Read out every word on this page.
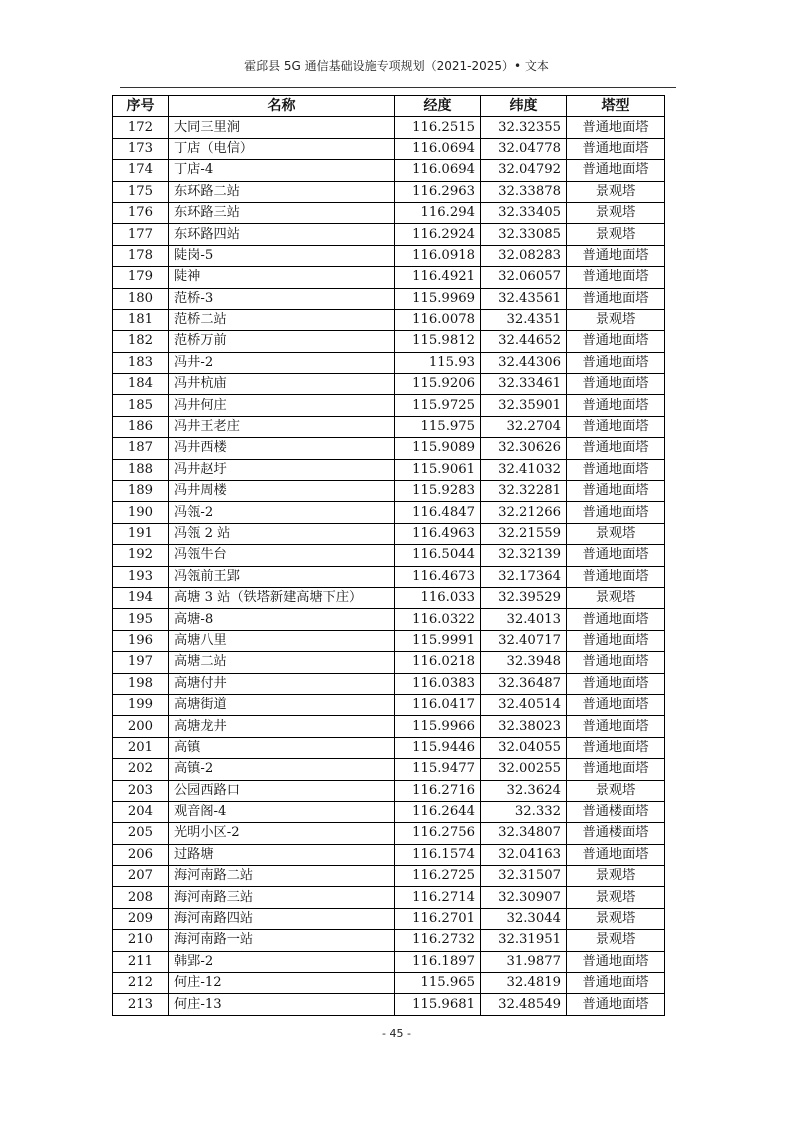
霍邱县 5G 通信基础设施专项规划（2021-2025）• 文本
序号	名称	经度	纬度	塔型
172	大同三里涧	116.2515	32.32355	普通地面塔
173	丁店（电信）	116.0694	32.04778	普通地面塔
174	丁店-4	116.0694	32.04792	普通地面塔
175	东环路二站	116.2963	32.33878	景观塔
176	东环路三站	116.294	32.33405	景观塔
177	东环路四站	116.2924	32.33085	景观塔
178	陡岗-5	116.0918	32.08283	普通地面塔
179	陡神	116.4921	32.06057	普通地面塔
180	范桥-3	115.9969	32.43561	普通地面塔
181	范桥二站	116.0078	32.4351	景观塔
182	范桥万前	115.9812	32.44652	普通地面塔
183	冯井-2	115.93	32.44306	普通地面塔
184	冯井杭庙	115.9206	32.33461	普通地面塔
185	冯井何庄	115.9725	32.35901	普通地面塔
186	冯井王老庄	115.975	32.2704	普通地面塔
187	冯井西楼	115.9089	32.30626	普通地面塔
188	冯井赵圩	115.9061	32.41032	普通地面塔
189	冯井周楼	115.9283	32.32281	普通地面塔
190	冯瓴-2	116.4847	32.21266	普通地面塔
191	冯瓴 2 站	116.4963	32.21559	景观塔
192	冯瓴牛台	116.5044	32.32139	普通地面塔
193	冯瓴前王郢	116.4673	32.17364	普通地面塔
194	高塘 3 站（铁塔新建高塘下庄）	116.033	32.39529	景观塔
195	高塘-8	116.0322	32.4013	普通地面塔
196	高塘八里	115.9991	32.40717	普通地面塔
197	高塘二站	116.0218	32.3948	普通地面塔
198	高塘付井	116.0383	32.36487	普通地面塔
199	高塘街道	116.0417	32.40514	普通地面塔
200	高塘龙井	115.9966	32.38023	普通地面塔
201	高镇	115.9446	32.04055	普通地面塔
202	高镇-2	115.9477	32.00255	普通地面塔
203	公园西路口	116.2716	32.3624	景观塔
204	观音阁-4	116.2644	32.332	普通楼面塔
205	光明小区-2	116.2756	32.34807	普通楼面塔
206	过路塘	116.1574	32.04163	普通地面塔
207	海河南路二站	116.2725	32.31507	景观塔
208	海河南路三站	116.2714	32.30907	景观塔
209	海河南路四站	116.2701	32.3044	景观塔
210	海河南路一站	116.2732	32.31951	景观塔
211	韩郢-2	116.1897	31.9877	普通地面塔
212	何庄-12	115.965	32.4819	普通地面塔
213	何庄-13	115.9681	32.48549	普通地面塔
- 45 -
